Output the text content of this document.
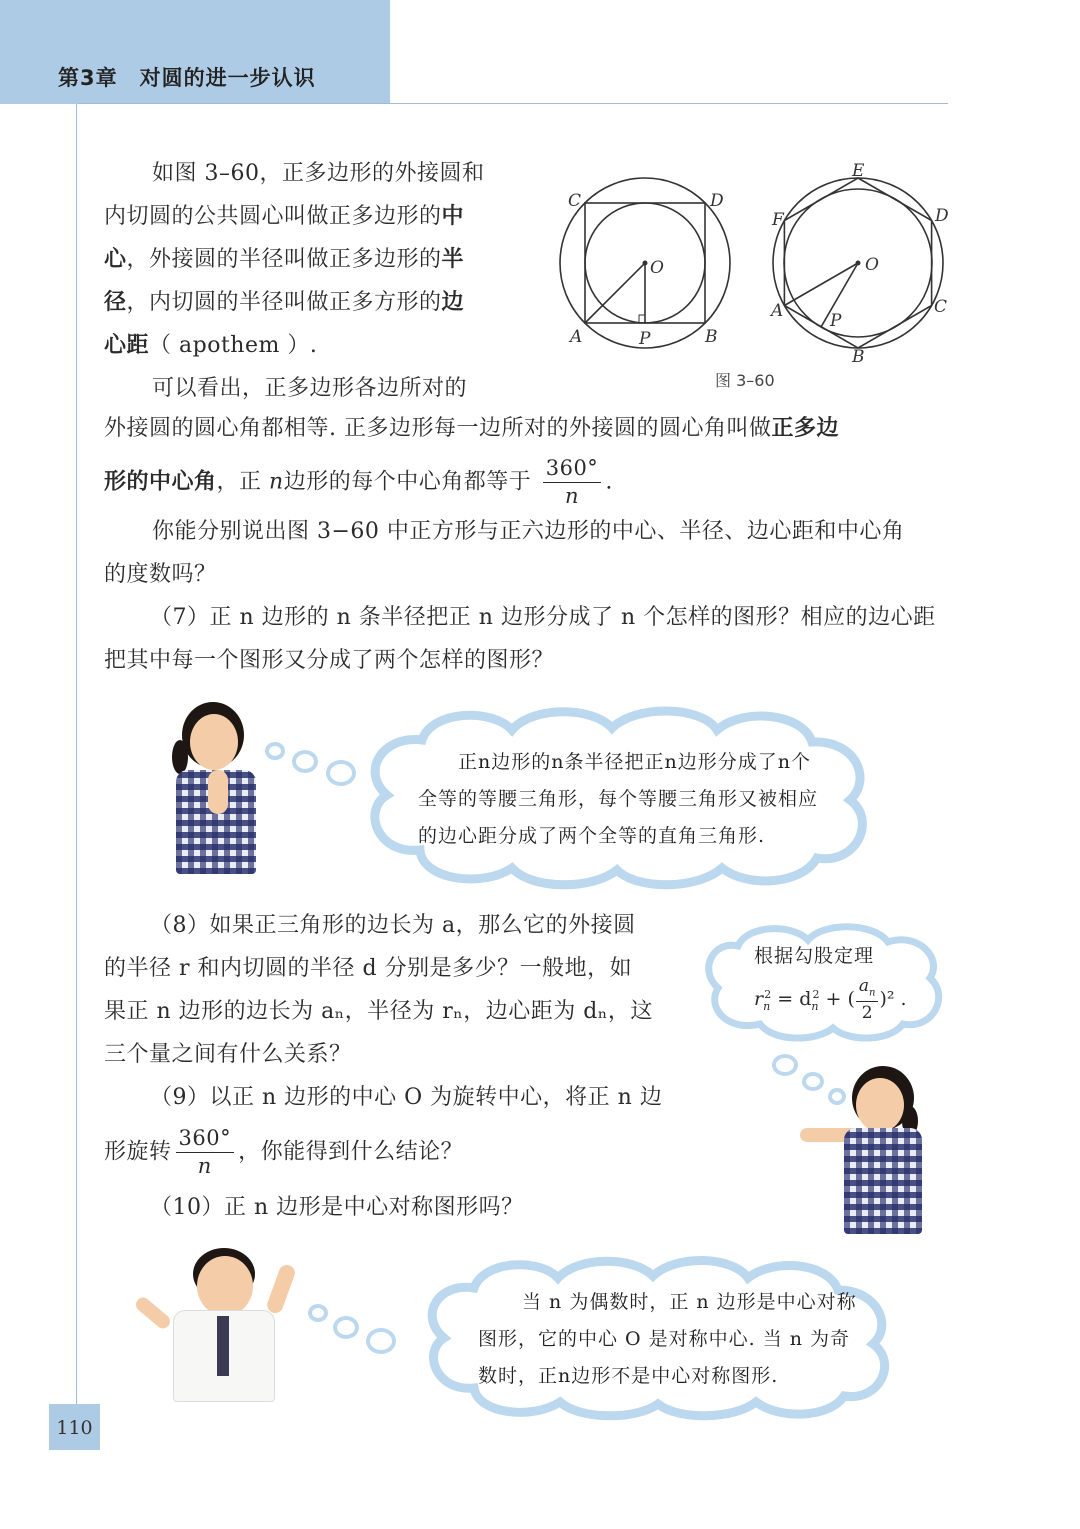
第3章　对圆的进一步认识
C	D
O
A	P	B
E
F	D
O
A	P
C
B
图 3–60
如图 3–60，正多边形的外接圆和
内切圆的公共圆心叫做正多边形的中
心，外接圆的半径叫做正多边形的半
径，内切圆的半径叫做正多方形的边
心距（ apothem ）.
可以看出，正多边形各边所对的
外接圆的圆心角都相等. 正多边形每一边所对的外接圆的圆心角叫做正多边
形的中心角，正 n边形的每个中心角都等于 $\frac{360^\circ}{n}$ .
你能分别说出图 3−60 中正方形与正六边形的中心、半径、边心距和中心角
的度数吗？
（7）正 n 边形的 n 条半径把正 n 边形分成了 n 个怎样的图形？相应的边心距
把其中每一个图形又分成了两个怎样的图形？
正n边形的n条半径把正n边形分成了n个
全等的等腰三角形，每个等腰三角形又被相应
的边心距分成了两个全等的直角三角形.
（8）如果正三角形的边长为 a，那么它的外接圆
的半径 r 和内切圆的半径 d 分别是多少？一般地，如
果正 n 边形的边长为 aₙ，半径为 rₙ，边心距为 dₙ，这
三个量之间有什么关系？
根据勾股定理
$r_n^2 = d_n^2$ + ( $\frac{a_n}{2} )^2$ .
（9）以正 n 边形的中心 O 为旋转中心，将正 n 边
形旋转 $\frac{360^\circ}{n}$ ，你能得到什么结论？
（10）正 n 边形是中心对称图形吗？
当 n 为偶数时，正 n 边形是中心对称
图形，它的中心 O 是对称中心. 当 n 为奇
数时，正n边形不是中心对称图形.
110
